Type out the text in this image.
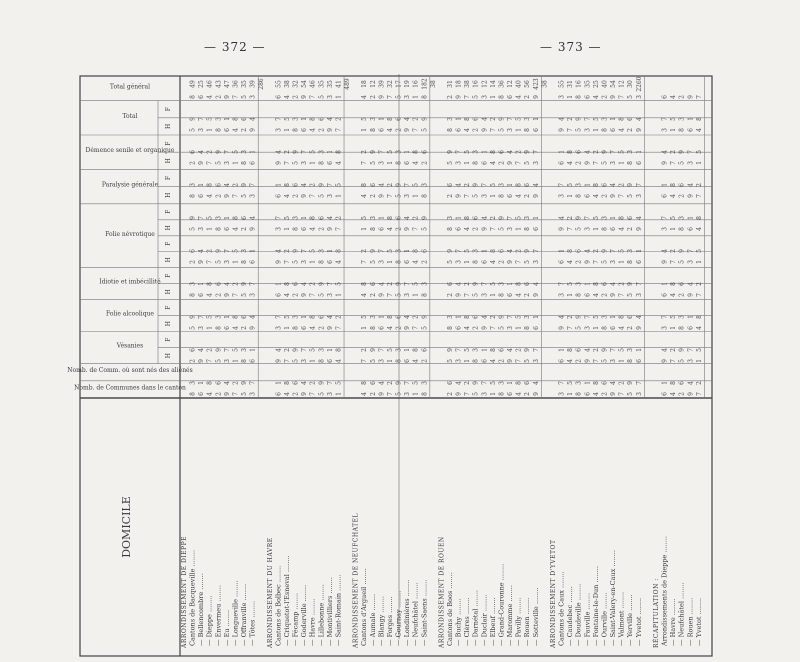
— 372 —	— 373 —
DOMICILE
Nomb. de Communes dans le canton
Nomb. de Comm. où sont nés des aliénés
Vésanies
H
F
Folie alcoolique
H
F
Idiotie et imbécillité
H
F
Folie névrotique
H
F
H
F
Paralysie générale
H
F
Démence senile et organique
H
F
Total
H
F
Total général
ARRONDISSEMENT DE DIEPPE Cantons de Bacqueville ........
8
3
2
6
5
9
8
3
2
6
5
9
8
3
2
6
5
9
8
49
— Bellencombre ........
6
1
9
4
3
7
6
1
9
4
3
7
6
1
9
4
3
7
6
25
— Dieppe ........
4
8
7
2
1
5
4
8
7
2
1
5
4
8
7
2
1
5
4
46
— Envermeu ........
2
6
5
9
8
3
2
6
5
9
8
3
2
6
5
9
8
3
2
43
— Eu ........
9
4
3
7
6
1
9
4
3
7
6
1
9
4
3
7
6
1
9
47
— Longueville ........
7
2
1
5
4
8
7
2
1
5
4
8
7
2
1
5
4
8
7
36
— Offranville ........
5
9
8
3
2
6
5
9
8
3
2
6
5
9
8
3
2
6
5
35
— Tôtes ........
3
7
6
1
9
4
3
7
6
1
9
4
3
7
6
1
9
4
3
39 286
ARRONDISSEMENT DU HAVRE Cantons de Bolbec ........
6
1
9
4
3
7
6
1
9
4
3
7
6
1
9
4
3
7
6
55
— Criquetot-l'Esneval ........
4
8
7
2
1
5
4
8
7
2
1
5
4
8
7
2
1
5
4
38
— Fécamp ........
2
6
5
9
8
3
2
6
5
9
8
3
2
6
5
9
8
3
2
32
— Goderville ........
9
4
3
7
6
1
9
4
3
7
6
1
9
4
3
7
6
1
9
54
— Havre ........
7
2
1
5
4
8
7
2
1
5
4
8
7
2
1
5
4
8
7
46
— Lillebonne ........
5
9
8
3
2
6
5
9
8
3
2
6
5
9
8
3
2
6
5
35
— Montivilliers ........
3
7
6
1
9
4
3
7
6
1
9
4
3
7
6
1
9
4
3
35
— Saint-Romain ........
1
5
4
8
7
2
1
5
4
8
7
2
1
5
4
8
7
2
1
41 489
ARRONDISSEMENT DE NEUFCHATEL Cantons d'Argueil ........
4
8
7
2
1
5
4
8
7
2
1
5
4
8
7
2
1
5
4
18
— Aumale ........
2
6
5
9
8
3
2
6
5
9
8
3
2
6
5
9
8
3
2
12
— Blangy ........
9
4
3
7
6
1
9
4
3
7
6
1
9
4
3
7
6
1
9
39
— Forges ........
7
2
1
5
4
8
7
2
1
5
4
8
7
2
1
5
4
8
7
32
— Gournay ........
5
9
8
3
2
6
5
9
8
3
2
6
5
9
8
3
2
6
5
17
— Londinières ........
3
7
6
1
9
4
3
7
6
1
9
4
3
7
6
1
9
4
3
19
— Neufchâtel ........
1
5
4
8
7
2
1
5
4
8
7
2
1
5
4
8
7
2
1
16
— Saint-Saens ........
8
3
2
6
5
9
8
3
2
6
5
9
8
3
2
6
5
9
8
182 38
ARRONDISSEMENT DE ROUEN Cantons de Boos ........
2
6
5
9
8
3
2
6
5
9
8
3
2
6
5
9
8
3
2
31
— Buchy ........
9
4
3
7
6
1
9
4
3
7
6
1
9
4
3
7
6
1
9
18
— Clères ........
7
2
1
5
4
8
7
2
1
5
4
8
7
2
1
5
4
8
7
38
— Darnétal ........
5
9
8
3
2
6
5
9
8
3
2
6
5
9
8
3
2
6
5
16
— Duclair ........
3
7
6
1
9
4
3
7
6
1
9
4
3
7
6
1
9
4
3
12
— Elbeuf ........
1
5
4
8
7
2
1
5
4
8
7
2
1
5
4
8
7
2
1
14
— Grand-Couronne ........
8
3
2
6
5
9
8
3
2
6
5
9
8
3
2
6
5
9
8
36
— Maromme ........
6
1
9
4
3
7
6
1
9
4
3
7
6
1
9
4
3
7
6
12
— Pavilly ........
4
8
7
2
1
5
4
8
7
2
1
5
4
8
7
2
1
5
4
40
— Rouen ........
2
6
5
9
8
3
2
6
5
9
8
3
2
6
5
9
8
3
2
56
— Sotteville ........
9
4
3
7
6
1
9
4
3
7
6
1
9
4
3
7
6
1
9
423 38
ARRONDISSEMENT D'YVETOT Cantons de Caux ........
3
7
6
1
9
4
3
7
6
1
9
4
3
7
6
1
9
4
3
55
— Caudebec ........
1
5
4
8
7
2
1
5
4
8
7
2
1
5
4
8
7
2
1
31
— Doudeville ........
8
3
2
6
5
9
8
3
2
6
5
9
8
3
2
6
5
9
8
16
— Fauville ........
6
1
9
4
3
7
6
1
9
4
3
7
6
1
9
4
3
7
6
35
— Fontaine-le-Dun ........
4
8
7
2
1
5
4
8
7
2
1
5
4
8
7
2
1
5
4
25
— Ourville ........
2
6
5
9
8
3
2
6
5
9
8
3
2
6
5
9
8
3
2
40
— Saint-Valery-en-Caux ........
9
4
3
7
6
1
9
4
3
7
6
1
9
4
3
7
6
1
9
54
— Valmont ........
7
2
1
5
4
8
7
2
1
5
4
8
7
2
1
5
4
8
7
12
— Yerville ........
5
9
8
3
2
6
5
9
8
3
2
6
5
9
8
3
2
6
5
30
— Yvetot ........
3
7
6
1
9
4
3
7
6
1
9
4
3
7
6
1
9
4
3
2260
RÉCAPITULATION : Arrondissements de Dieppe ........
6
1
9
4
3
7
6
1
9
4
3
7
6
1
9
4
3
7
6
— Havre ........
4
8
7
2
1
5
4
8
7
2
1
5
4
8
7
2
1
5
4
— Neufchâtel ........
2
6
5
9
8
3
2
6
5
9
8
3
2
6
5
9
8
3
2
— Rouen ........
9
4
3
7
6
1
9
4
3
7
6
1
9
4
3
7
6
1
9
— Yvetot ........
7
2
1
5
4
8
7
2
1
5
4
8
7
2
1
5
4
8
7
